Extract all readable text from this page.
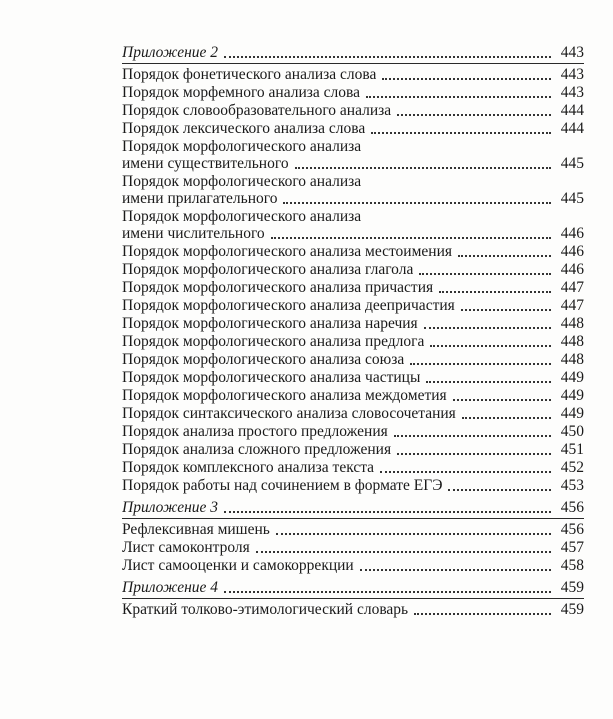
Приложение 2	443
Порядок фонетического анализа слова	443
Порядок морфемного анализа слова	443
Порядок словообразовательного анализа	444
Порядок лексического анализа слова	444
Порядок морфологического анализа
имени существительного	445
Порядок морфологического анализа
имени прилагательного	445
Порядок морфологического анализа
имени числительного	446
Порядок морфологического анализа местоимения	446
Порядок морфологического анализа глагола	446
Порядок морфологического анализа причастия	447
Порядок морфологического анализа деепричастия	447
Порядок морфологического анализа наречия	448
Порядок морфологического анализа предлога	448
Порядок морфологического анализа союза	448
Порядок морфологического анализа частицы	449
Порядок морфологического анализа междометия	449
Порядок синтаксического анализа словосочетания	449
Порядок анализа простого предложения	450
Порядок анализа сложного предложения	451
Порядок комплексного анализа текста	452
Порядок работы над сочинением в формате ЕГЭ	453
Приложение 3	456
Рефлексивная мишень	456
Лист самоконтроля	457
Лист самооценки и самокоррекции	458
Приложение 4	459
Краткий толково-этимологический словарь	459
